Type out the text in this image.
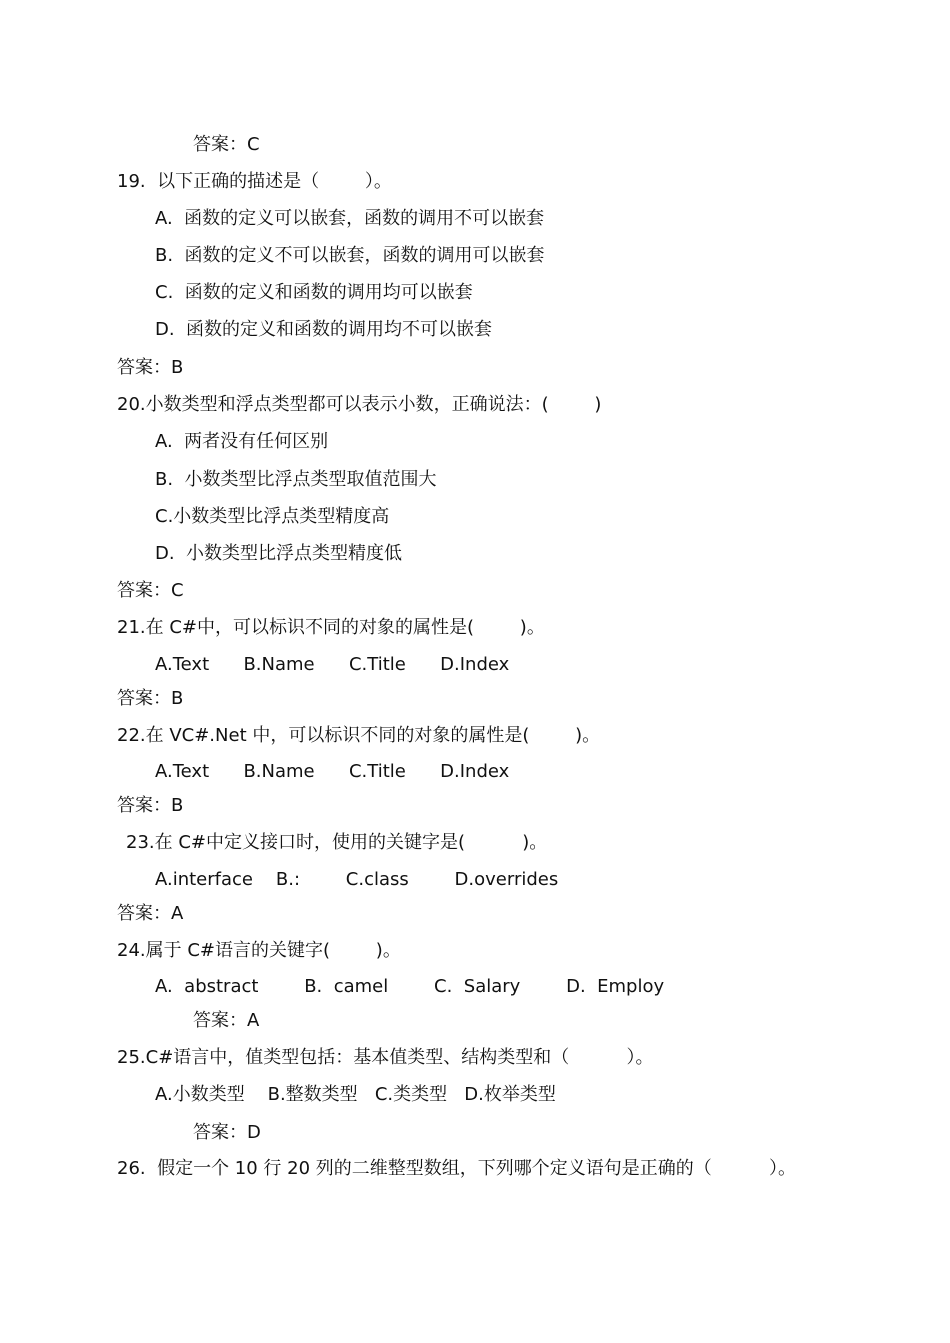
答案：C
19.  以下正确的描述是（        ）。
A.  函数的定义可以嵌套，函数的调用不可以嵌套
B.  函数的定义不可以嵌套，函数的调用可以嵌套
C.  函数的定义和函数的调用均可以嵌套
D.  函数的定义和函数的调用均不可以嵌套
答案：B
20.小数类型和浮点类型都可以表示小数，正确说法：(        )
A.  两者没有任何区别
B.  小数类型比浮点类型取值范围大
C.小数类型比浮点类型精度高
D.  小数类型比浮点类型精度低
答案：C
21.在 C#中，可以标识不同的对象的属性是(        )。
A.Text      B.Name      C.Title      D.Index
答案：B
22.在 VC#.Net 中，可以标识不同的对象的属性是(        )。
A.Text      B.Name      C.Title      D.Index
答案：B
23.在 C#中定义接口时，使用的关键字是(          )。
A.interface    B.:        C.class        D.overrides
答案：A
24.属于 C#语言的关键字(        )。
A.  abstract        B.  camel        C.  Salary        D.  Employ
答案：A
25.C#语言中，值类型包括：基本值类型、结构类型和（          ）。
A.小数类型    B.整数类型   C.类类型   D.枚举类型
答案：D
26.  假定一个 10 行 20 列的二维整型数组，下列哪个定义语句是正确的（          ）。
